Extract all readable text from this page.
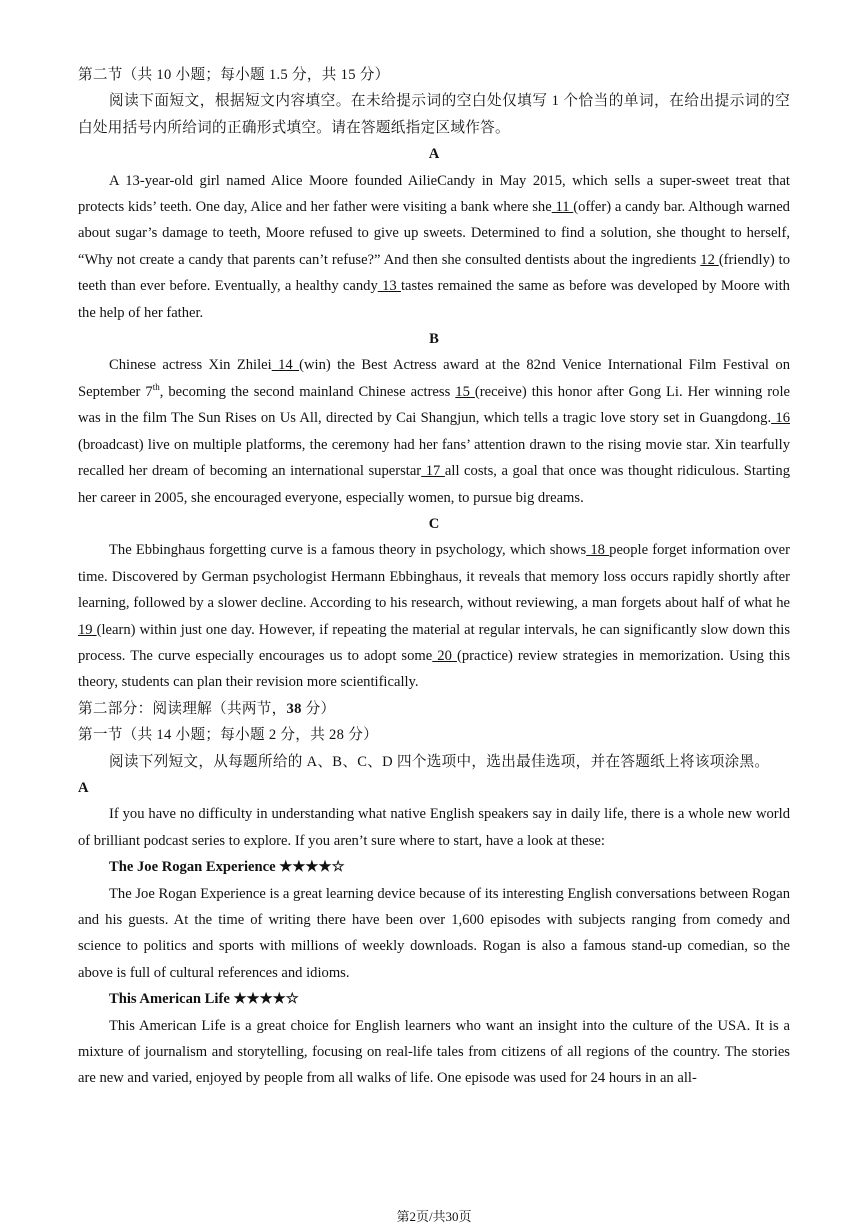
第二节（共 10 小题；每小题 1.5 分，共 15 分）

阅读下面短文，根据短文内容填空。在未给提示词的空白处仅填写 1 个恰当的单词，在给出提示词的空白处用括号内所给词的正确形式填空。请在答题纸指定区域作答。

A

A 13-year-old girl named Alice Moore founded AilieCandy in May 2015, which sells a super-sweet treat that protects kids’ teeth. One day, Alice and her father were visiting a bank where she 11 (offer) a candy bar. Although warned about sugar’s damage to teeth, Moore refused to give up sweets. Determined to find a solution, she thought to herself, “Why not create a candy that parents can’t refuse?” And then she consulted dentists about the ingredients 12 (friendly) to teeth than ever before. Eventually, a healthy candy 13 tastes remained the same as before was developed by Moore with the help of her father.

B

Chinese actress Xin Zhilei 14 (win) the Best Actress award at the 82nd Venice International Film Festival on September 7th, becoming the second mainland Chinese actress 15 (receive) this honor after Gong Li. Her winning role was in the film The Sun Rises on Us All, directed by Cai Shangjun, which tells a tragic love story set in Guangdong. 16 (broadcast) live on multiple platforms, the ceremony had her fans’ attention drawn to the rising movie star. Xin tearfully recalled her dream of becoming an international superstar 17 all costs, a goal that once was thought ridiculous. Starting her career in 2005, she encouraged everyone, especially women, to pursue big dreams.

C

The Ebbinghaus forgetting curve is a famous theory in psychology, which shows 18 people forget information over time. Discovered by German psychologist Hermann Ebbinghaus, it reveals that memory loss occurs rapidly shortly after learning, followed by a slower decline. According to his research, without reviewing, a man forgets about half of what he 19 (learn) within just one day. However, if repeating the material at regular intervals, he can significantly slow down this process. The curve especially encourages us to adopt some 20 (practice) review strategies in memorization. Using this theory, students can plan their revision more scientifically.

第二部分：阅读理解（共两节，38 分）

第一节（共 14 小题；每小题 2 分，共 28 分）

阅读下列短文，从每题所给的 A、B、C、D 四个选项中，选出最佳选项，并在答题纸上将该项涂黑。

A

If you have no difficulty in understanding what native English speakers say in daily life, there is a whole new world of brilliant podcast series to explore. If you aren’t sure where to start, have a look at these:

The Joe Rogan Experience ★★★★☆

The Joe Rogan Experience is a great learning device because of its interesting English conversations between Rogan and his guests. At the time of writing there have been over 1,600 episodes with subjects ranging from comedy and science to politics and sports with millions of weekly downloads. Rogan is also a famous stand-up comedian, so the above is full of cultural references and idioms.

This American Life ★★★★☆

This American Life is a great choice for English learners who want an insight into the culture of the USA. It is a mixture of journalism and storytelling, focusing on real-life tales from citizens of all regions of the country. The stories are new and varied, enjoyed by people from all walks of life. One episode was used for 24 hours in an all-

第2页/共30页
